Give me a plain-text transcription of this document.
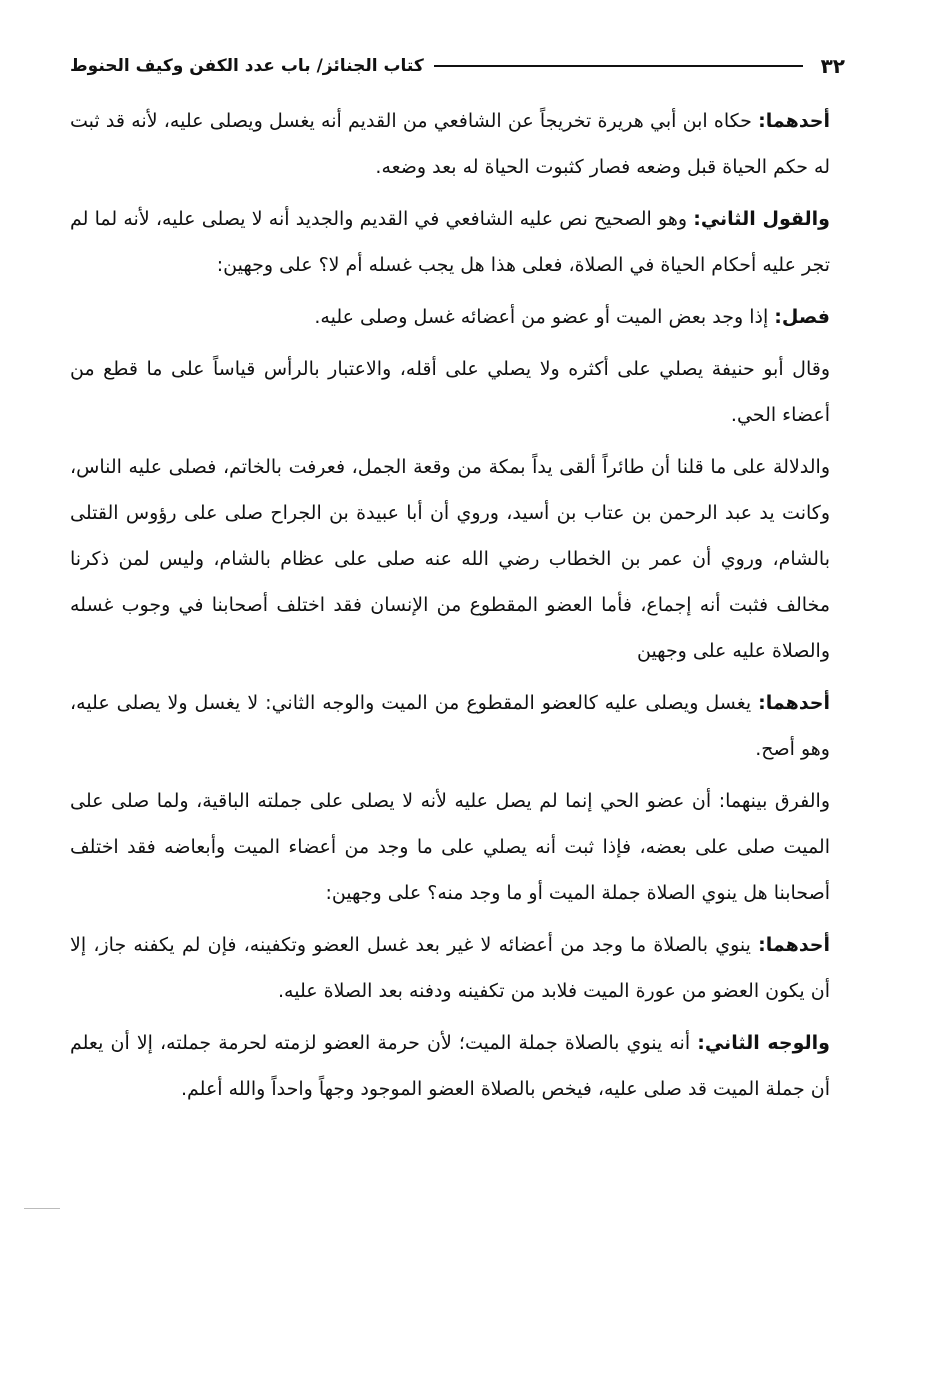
٣٢
كتاب الجنائز/ باب عدد الكفن وكيف الحنوط

أحدهما: حكاه ابن أبي هريرة تخريجاً عن الشافعي من القديم أنه يغسل ويصلى عليه، لأنه قد ثبت له حكم الحياة قبل وضعه فصار كثبوت الحياة له بعد وضعه.

والقول الثاني: وهو الصحيح نص عليه الشافعي في القديم والجديد أنه لا يصلى عليه، لأنه لما لم تجر عليه أحكام الحياة في الصلاة، فعلى هذا هل يجب غسله أم لا؟ على وجهين:

فصل: إذا وجد بعض الميت أو عضو من أعضائه غسل وصلى عليه.

وقال أبو حنيفة يصلي على أكثره ولا يصلي على أقله، والاعتبار بالرأس قياساً على ما قطع من أعضاء الحي.

والدلالة على ما قلنا أن طائراً ألقى يداً بمكة من وقعة الجمل، فعرفت بالخاتم، فصلى عليه الناس، وكانت يد عبد الرحمن بن عتاب بن أسيد، وروي أن أبا عبيدة بن الجراح صلى على رؤوس القتلى بالشام، وروي أن عمر بن الخطاب رضي الله عنه صلى على عظام بالشام، وليس لمن ذكرنا مخالف فثبت أنه إجماع، فأما العضو المقطوع من الإنسان فقد اختلف أصحابنا في وجوب غسله والصلاة عليه على وجهين

أحدهما: يغسل ويصلى عليه كالعضو المقطوع من الميت والوجه الثاني: لا يغسل ولا يصلى عليه، وهو أصح.

والفرق بينهما: أن عضو الحي إنما لم يصل عليه لأنه لا يصلى على جملته الباقية، ولما صلى على الميت صلى على بعضه، فإذا ثبت أنه يصلي على ما وجد من أعضاء الميت وأبعاضه فقد اختلف أصحابنا هل ينوي الصلاة جملة الميت أو ما وجد منه؟ على وجهين:

أحدهما: ينوي بالصلاة ما وجد من أعضائه لا غير بعد غسل العضو وتكفينه، فإن لم يكفنه جاز، إلا أن يكون العضو من عورة الميت فلابد من تكفينه ودفنه بعد الصلاة عليه.

والوجه الثاني: أنه ينوي بالصلاة جملة الميت؛ لأن حرمة العضو لزمته لحرمة جملته، إلا أن يعلم أن جملة الميت قد صلى عليه، فيخص بالصلاة العضو الموجود وجهاً واحداً والله أعلم.
